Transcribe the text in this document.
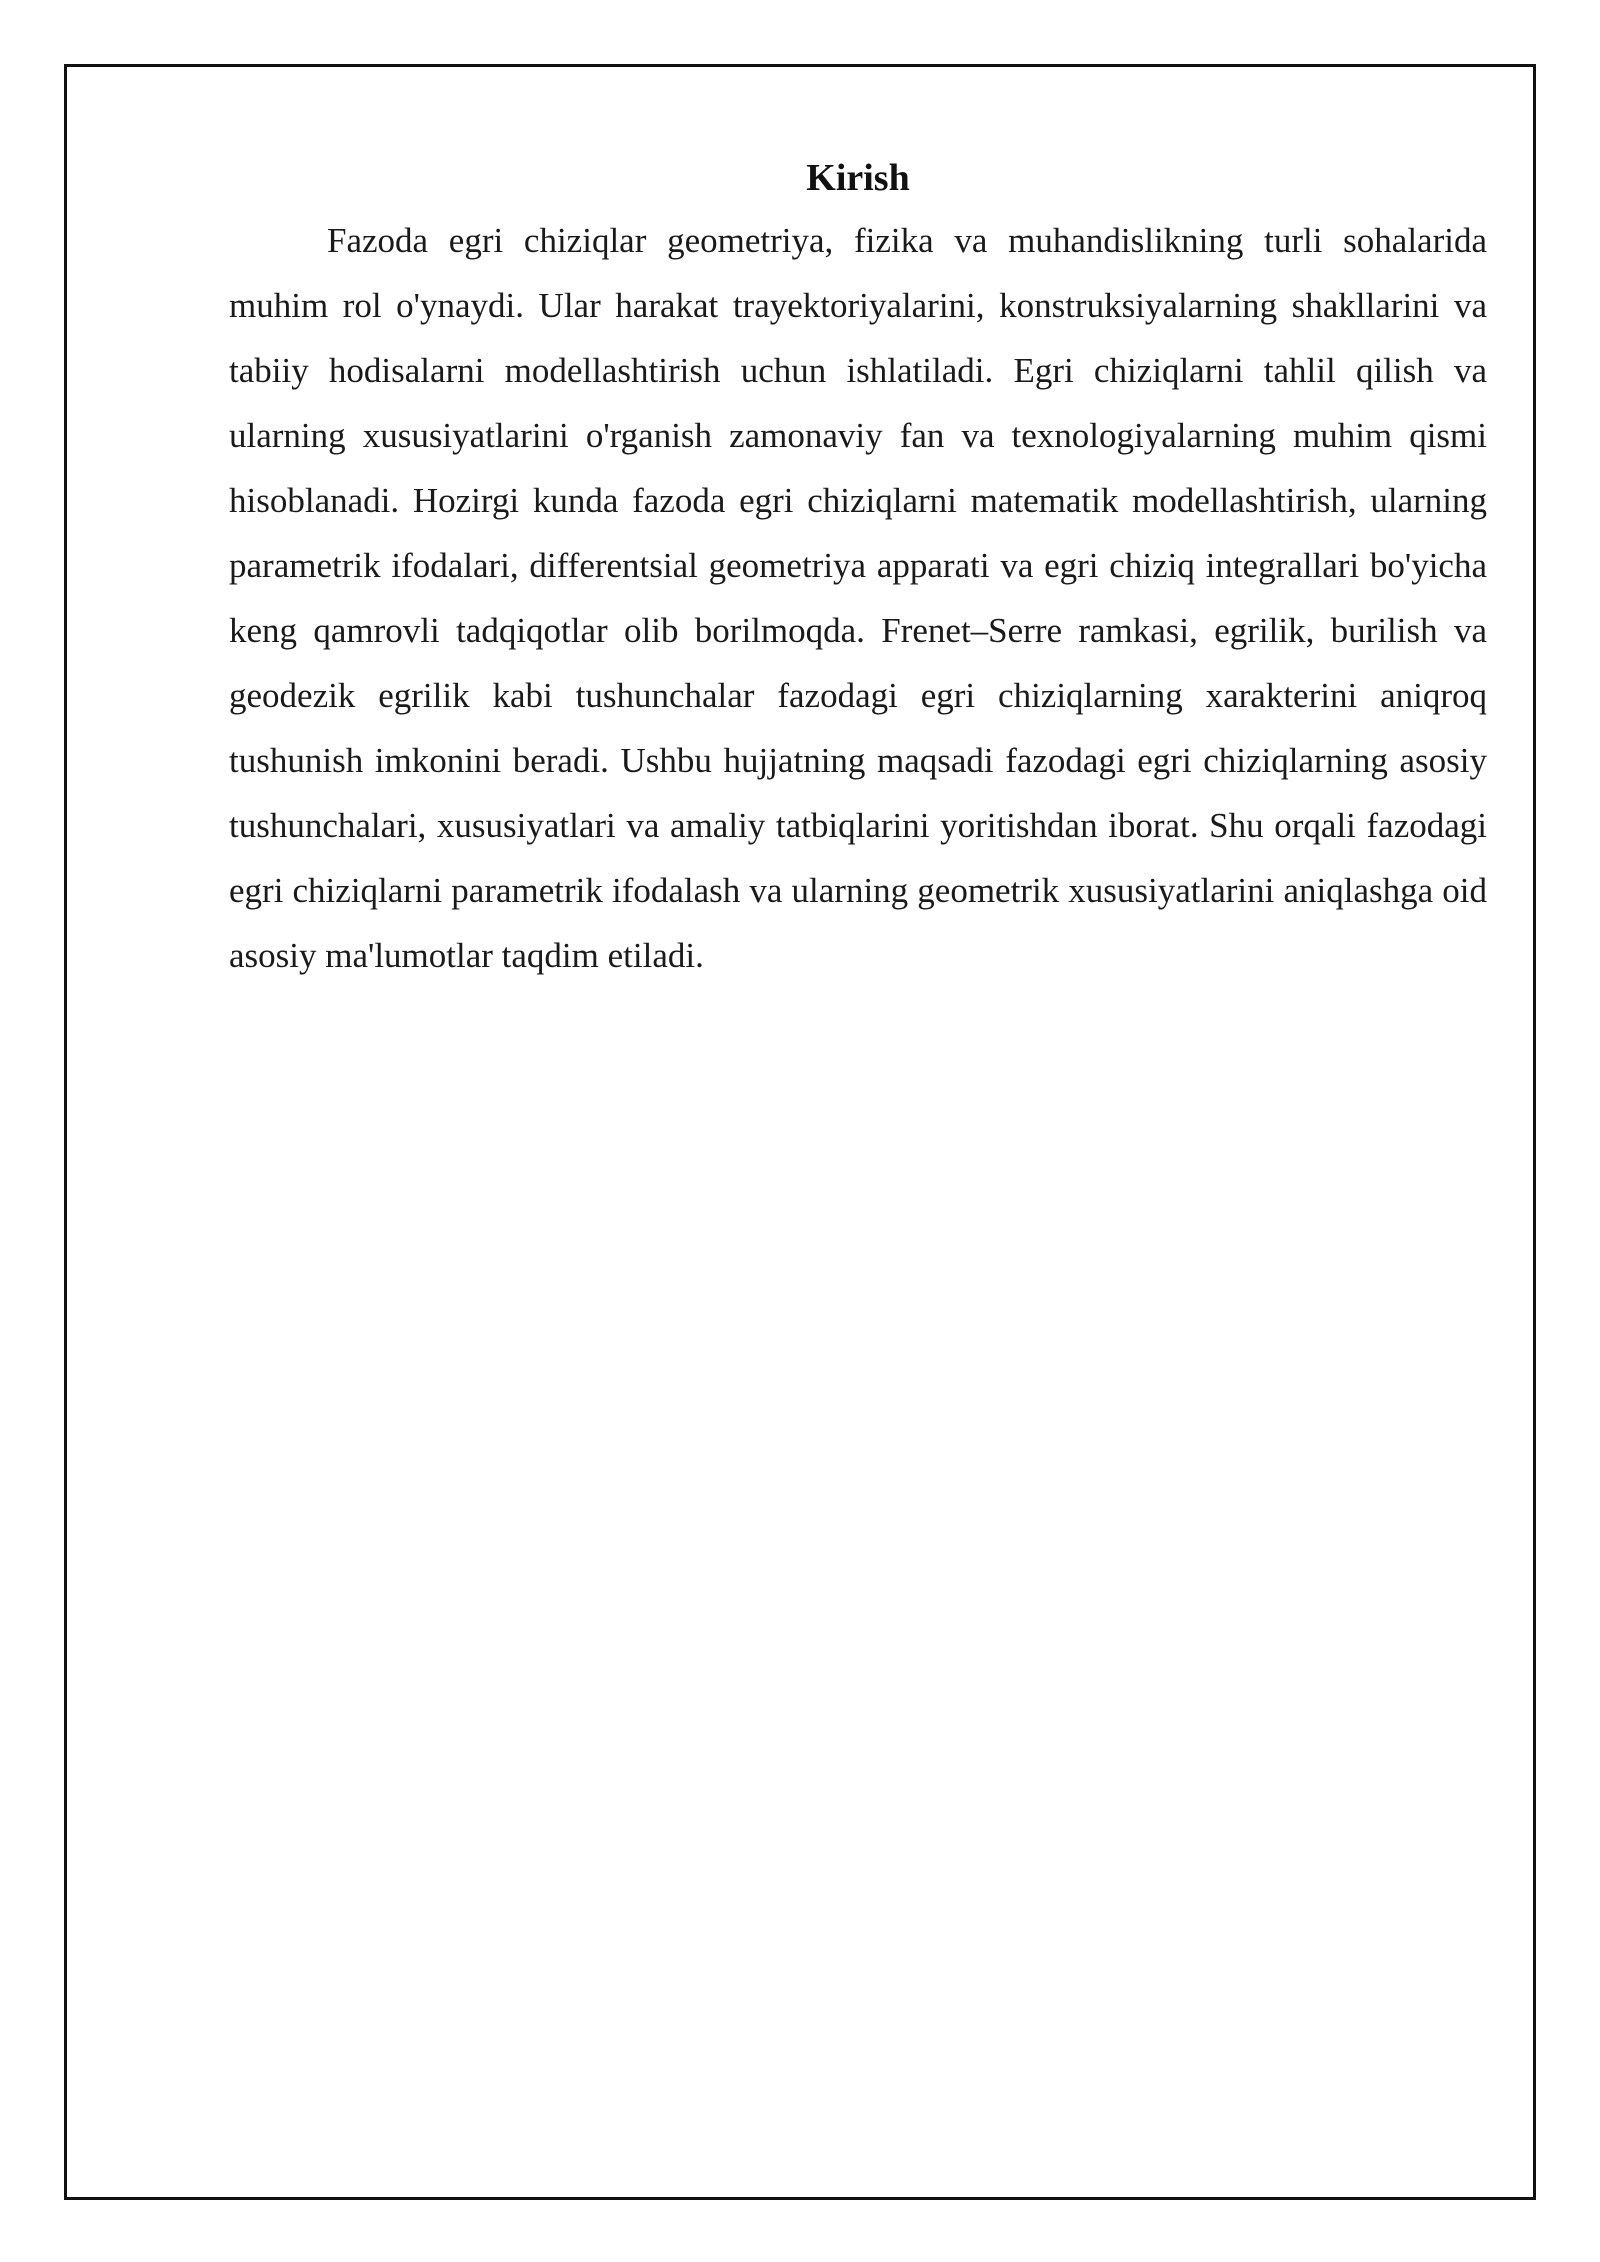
Kirish

Fazoda egri chiziqlar geometriya, fizika va muhandislikning turli sohalarida muhim rol o'ynaydi. Ular harakat trayektoriyalarini, konstruksiyalarning shakllarini va tabiiy hodisalarni modellashtirish uchun ishlatiladi. Egri chiziqlarni tahlil qilish va ularning xususiyatlarini o'rganish zamonaviy fan va texnologiyalarning muhim qismi hisoblanadi. Hozirgi kunda fazoda egri chiziqlarni matematik modellashtirish, ularning parametrik ifodalari, differentsial geometriya apparati va egri chiziq integrallari bo'yicha keng qamrovli tadqiqotlar olib borilmoqda. Frenet–Serre ramkasi, egrilik, burilish va geodezik egrilik kabi tushunchalar fazodagi egri chiziqlarning xarakterini aniqroq tushunish imkonini beradi. Ushbu hujjatning maqsadi fazodagi egri chiziqlarning asosiy tushunchalari, xususiyatlari va amaliy tatbiqlarini yoritishdan iborat. Shu orqali fazodagi egri chiziqlarni parametrik ifodalash va ularning geometrik xususiyatlarini aniqlashga oid asosiy ma'lumotlar taqdim etiladi.
